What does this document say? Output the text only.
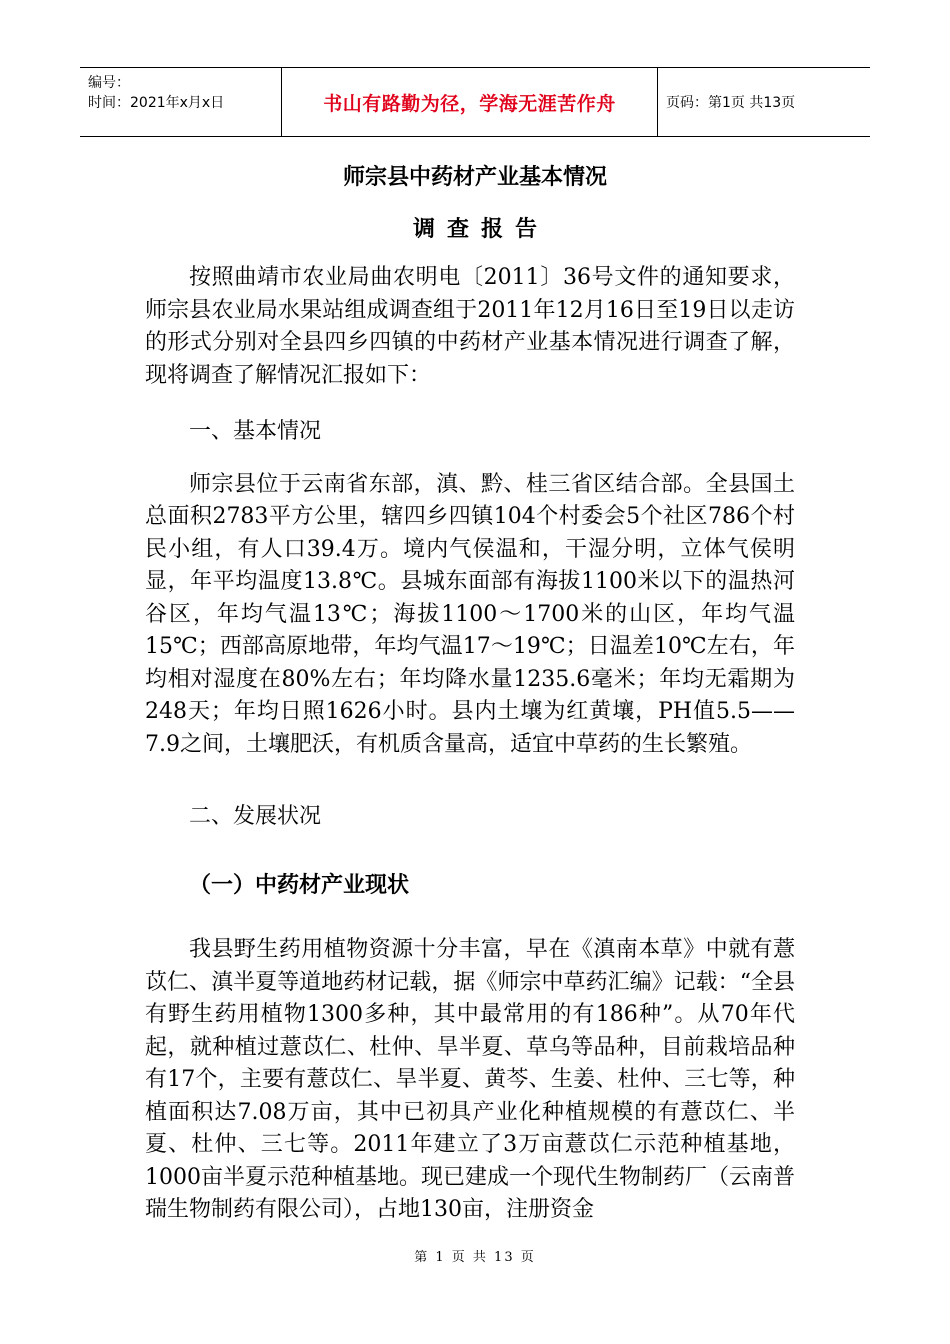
编号：
时间：2021年x月x日	书山有路勤为径，学海无涯苦作舟	页码：第1页 共13页
师宗县中药材产业基本情况
调查报告

按照曲靖市农业局曲农明电〔2011〕36号文件的通知要求，师宗县农业局水果站组成调查组于2011年12月16日至19日以走访的形式分别对全县四乡四镇的中药材产业基本情况进行调查了解，现将调查了解情况汇报如下：

一、基本情况

师宗县位于云南省东部，滇、黔、桂三省区结合部。全县国土总面积2783平方公里，辖四乡四镇104个村委会5个社区786个村民小组，有人口39.4万。境内气侯温和，干湿分明，立体气侯明显，年平均温度13.8℃。县城东面部有海拔1100米以下的温热河谷区，年均气温13℃；海拔1100～1700米的山区，年均气温15℃；西部高原地带，年均气温17～19℃；日温差10℃左右，年均相对湿度在80%左右；年均降水量1235.6毫米；年均无霜期为248天；年均日照1626小时。县内土壤为红黄壤，PH值5.5——7.9之间，土壤肥沃，有机质含量高，适宜中草药的生长繁殖。

二、发展状况

（一）中药材产业现状

我县野生药用植物资源十分丰富，早在《滇南本草》中就有薏苡仁、滇半夏等道地药材记载，据《师宗中草药汇编》记载：“全县有野生药用植物1300多种，其中最常用的有186种”。从70年代起，就种植过薏苡仁、杜仲、旱半夏、草乌等品种，目前栽培品种有17个，主要有薏苡仁、旱半夏、黄芩、生姜、杜仲、三七等，种植面积达7.08万亩，其中已初具产业化种植规模的有薏苡仁、半夏、杜仲、三七等。2011年建立了3万亩薏苡仁示范种植基地，1000亩半夏示范种植基地。现已建成一个现代生物制药厂（云南普瑞生物制药有限公司），占地130亩，注册资金

第 1 页 共 13 页
